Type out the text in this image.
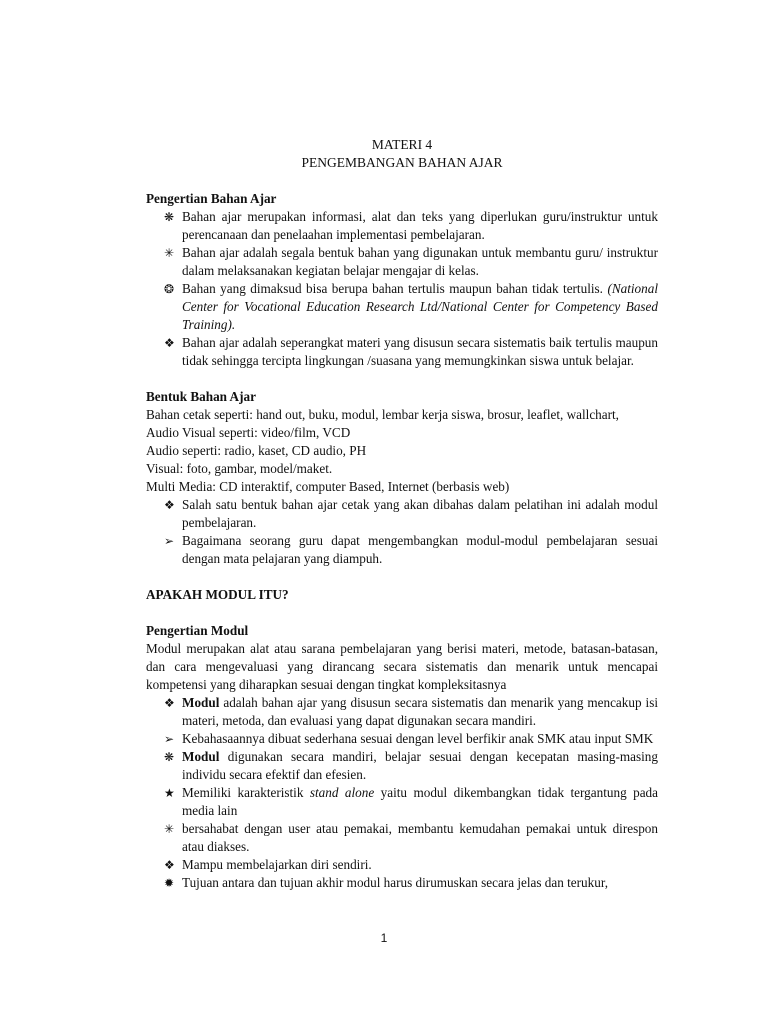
MATERI 4
PENGEMBANGAN BAHAN AJAR
Pengertian Bahan Ajar
❋ Bahan ajar merupakan informasi, alat dan teks yang diperlukan guru/instruktur untuk perencanaan dan penelaahan implementasi pembelajaran.
✳ Bahan ajar adalah segala bentuk bahan yang digunakan untuk membantu guru/ instruktur dalam melaksanakan kegiatan belajar mengajar di kelas.
❂ Bahan yang dimaksud bisa berupa bahan tertulis maupun bahan tidak tertulis. (National Center for Vocational Education Research Ltd/National Center for Competency Based Training).
❖ Bahan ajar adalah seperangkat materi yang disusun secara sistematis baik tertulis maupun tidak sehingga tercipta lingkungan /suasana yang memungkinkan siswa untuk belajar.
Bentuk Bahan Ajar
Bahan cetak seperti: hand out, buku, modul, lembar kerja siswa, brosur, leaflet, wallchart,
Audio Visual seperti: video/film, VCD
Audio seperti: radio, kaset, CD audio, PH
Visual: foto, gambar, model/maket.
Multi Media: CD interaktif, computer Based, Internet (berbasis web)
❖ Salah satu bentuk bahan ajar cetak yang akan dibahas dalam pelatihan ini adalah modul pembelajaran.
➢ Bagaimana seorang guru dapat mengembangkan modul-modul pembelajaran sesuai dengan mata pelajaran yang diampuh.
APAKAH MODUL ITU?
Pengertian Modul
Modul merupakan alat atau sarana pembelajaran yang berisi materi, metode, batasan-batasan, dan cara mengevaluasi yang dirancang secara sistematis dan menarik untuk mencapai kompetensi yang diharapkan sesuai dengan tingkat kompleksitasnya
❖ Modul adalah bahan ajar yang disusun secara sistematis dan menarik yang mencakup isi materi, metoda, dan evaluasi yang dapat digunakan secara mandiri.
➢ Kebahasaannya dibuat sederhana sesuai dengan level berfikir anak SMK atau input SMK
❋ Modul digunakan secara mandiri, belajar sesuai dengan kecepatan masing-masing individu secara efektif dan efesien.
★ Memiliki karakteristik stand alone yaitu modul dikembangkan tidak tergantung pada media lain
✳ bersahabat dengan user atau pemakai, membantu kemudahan pemakai untuk direspon atau diakses.
❖ Mampu membelajarkan diri sendiri.
✹ Tujuan antara dan tujuan akhir modul harus dirumuskan secara jelas dan terukur,
1
